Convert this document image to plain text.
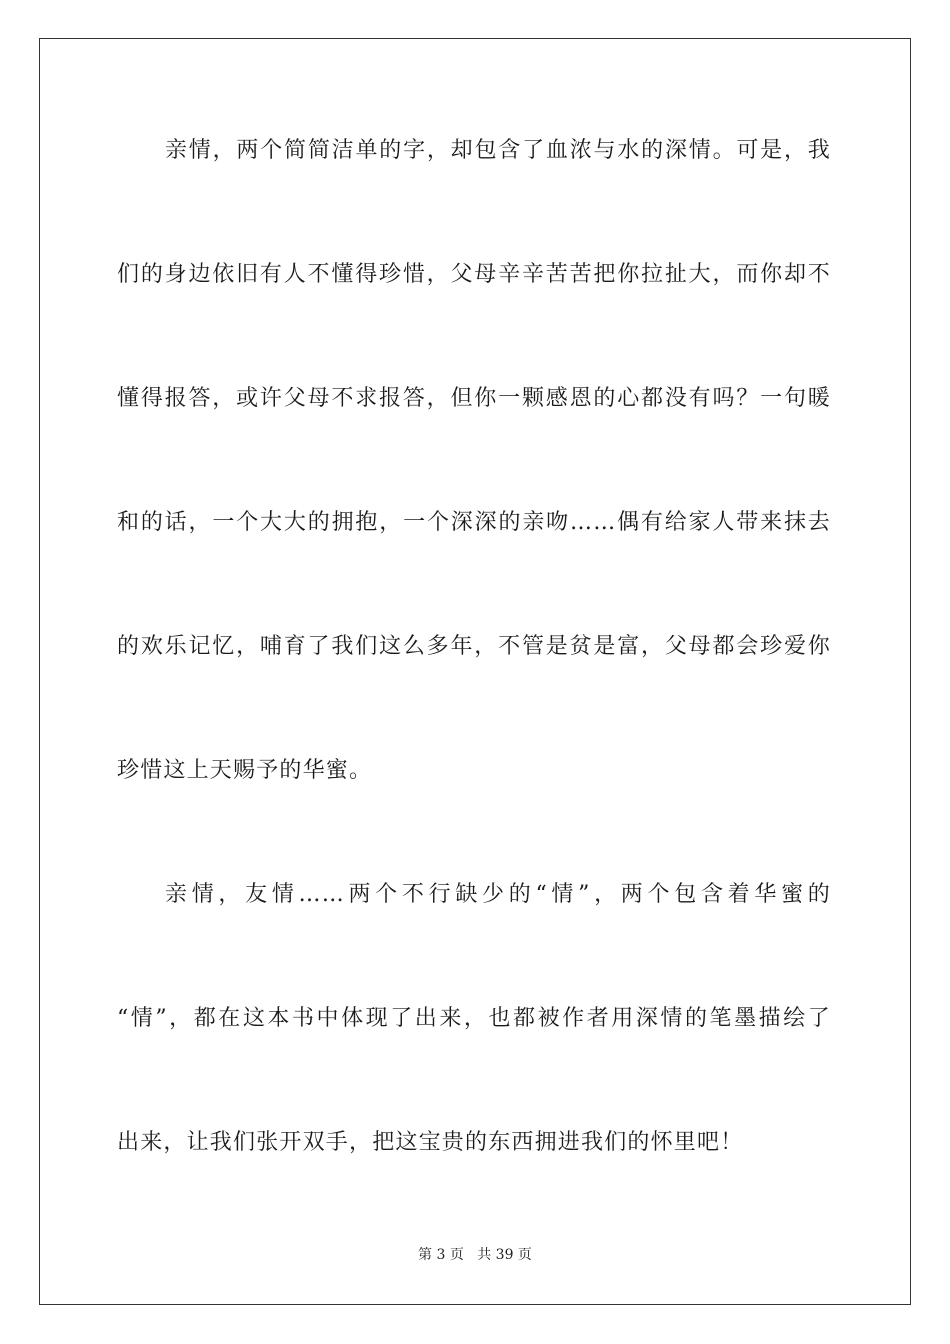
亲情，两个简简洁单的字，却包含了血浓与水的深情。可是，我
们的身边依旧有人不懂得珍惜，父母辛辛苦苦把你拉扯大，而你却不
懂得报答，或许父母不求报答，但你一颗感恩的心都没有吗？一句暖
和的话，一个大大的拥抱，一个深深的亲吻……偶有给家人带来抹去
的欢乐记忆，哺育了我们这么多年，不管是贫是富，父母都会珍爱你
珍惜这上天赐予的华蜜。
亲情，友情……两个不行缺少的“情”，两个包含着华蜜的
“情”，都在这本书中体现了出来，也都被作者用深情的笔墨描绘了
出来，让我们张开双手，把这宝贵的东西拥进我们的怀里吧！
第 3 页 共 39 页
